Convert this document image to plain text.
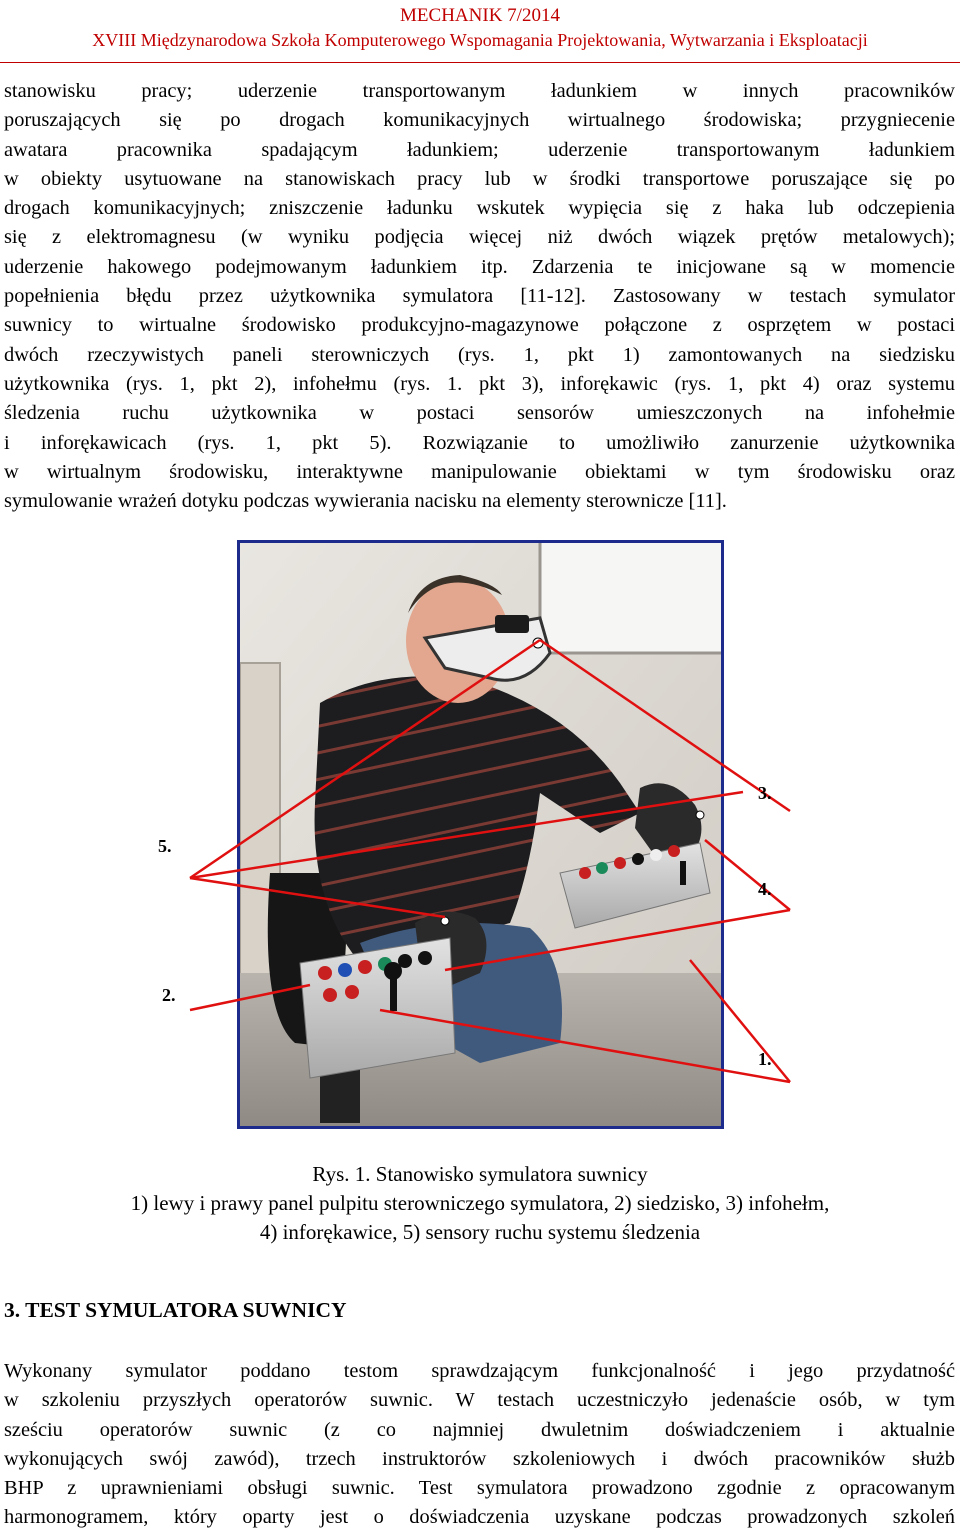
MECHANIK 7/2014
XVIII Międzynarodowa Szkoła Komputerowego Wspomagania Projektowania, Wytwarzania i Eksploatacji
stanowisku pracy; uderzenie transportowanym ładunkiem w innych pracowników
poruszających się po drogach komunikacyjnych wirtualnego środowiska; przygniecenie
awatara pracownika spadającym ładunkiem; uderzenie transportowanym ładunkiem
w obiekty usytuowane na stanowiskach pracy lub w środki transportowe poruszające się po
drogach komunikacyjnych; zniszczenie ładunku wskutek wypięcia się z haka lub odczepienia
się z elektromagnesu (w wyniku podjęcia więcej niż dwóch wiązek prętów metalowych);
uderzenie hakowego podejmowanym ładunkiem itp. Zdarzenia te inicjowane są w momencie
popełnienia błędu przez użytkownika symulatora [11-12]. Zastosowany w testach symulator
suwnicy to wirtualne środowisko produkcyjno-magazynowe połączone z osprzętem w postaci
dwóch rzeczywistych paneli sterowniczych (rys. 1, pkt 1) zamontowanych na siedzisku
użytkownika (rys. 1, pkt 2), infohełmu (rys. 1. pkt 3), inforękawic (rys. 1, pkt 4) oraz systemu
śledzenia ruchu użytkownika w postaci sensorów umieszczonych na infohełmie
i inforękawicach (rys. 1, pkt 5). Rozwiązanie to umożliwiło zanurzenie użytkownika
w wirtualnym środowisku, interaktywne manipulowanie obiektami w tym środowisku oraz
symulowanie wrażeń dotyku podczas wywierania nacisku na elementy sterownicze [11].
3.
5.
4.
2.
1.
Rys. 1. Stanowisko symulatora suwnicy
1) lewy i prawy panel pulpitu sterowniczego symulatora, 2) siedzisko, 3) infohełm,
4) inforękawice, 5) sensory ruchu systemu śledzenia
3. TEST SYMULATORA SUWNICY
Wykonany symulator poddano testom sprawdzającym funkcjonalność i jego przydatność
w szkoleniu przyszłych operatorów suwnic. W testach uczestniczyło jedenaście osób, w tym
sześciu operatorów suwnic (z co najmniej dwuletnim doświadczeniem i aktualnie
wykonujących swój zawód), trzech instruktorów szkoleniowych i dwóch pracowników służb
BHP z uprawnieniami obsługi suwnic. Test symulatora prowadzono zgodnie z opracowanym
harmonogramem, który oparty jest o doświadczenia uzyskane podczas prowadzonych szkoleń
